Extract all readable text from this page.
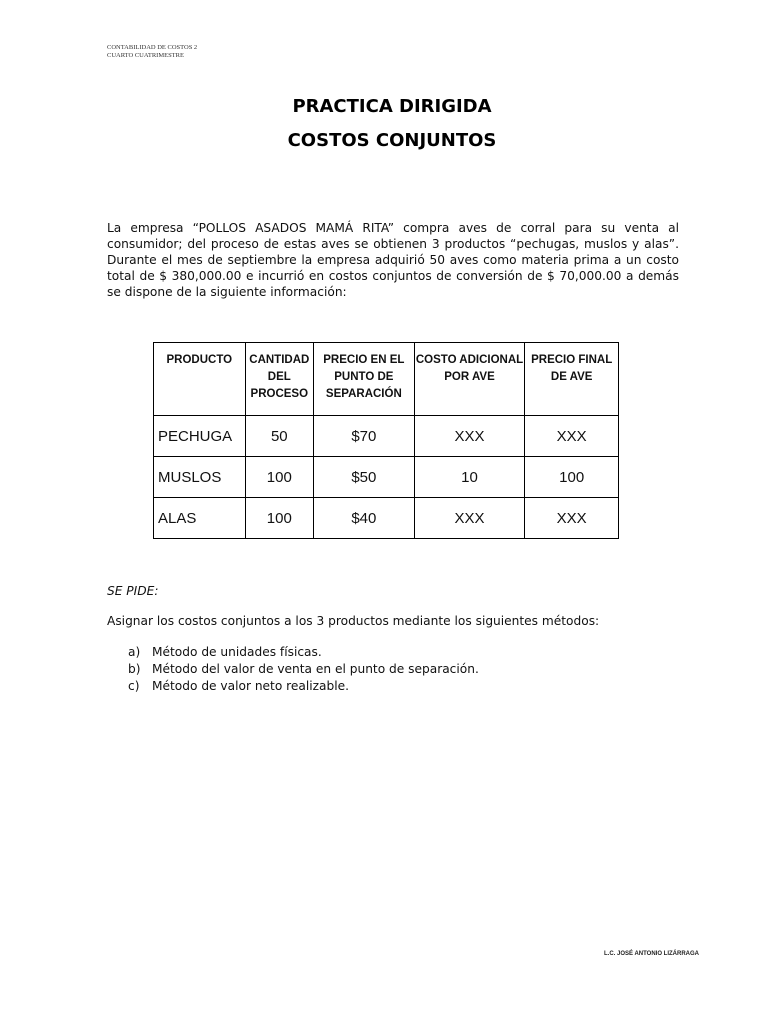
CONTABILIDAD DE COSTOS 2
CUARTO CUATRIMESTRE
PRACTICA DIRIGIDA
COSTOS CONJUNTOS
La empresa “POLLOS ASADOS MAMÁ RITA” compra aves de corral para su venta al consumidor; del proceso de estas aves se obtienen 3 productos “pechugas, muslos y alas”. Durante el mes de septiembre la empresa adquirió 50 aves como materia prima a un costo total de $ 380,000.00 e incurrió en costos conjuntos de conversión de $ 70,000.00 a demás se dispone de la siguiente información:
PRODUCTO	CANTIDAD DEL PROCESO	PRECIO EN EL PUNTO DE SEPARACIÓN	COSTO ADICIONAL POR AVE	PRECIO FINAL DE AVE
PECHUGA	50	$70	XXX	XXX
MUSLOS	100	$50	10	100
ALAS	100	$40	XXX	XXX
SE PIDE:
Asignar los costos conjuntos a los 3 productos mediante los siguientes métodos:
a) Método de unidades físicas.
b) Método del valor de venta en el punto de separación.
c)	Método de valor neto realizable.
L.C. JOSÉ ANTONIO LIZÁRRAGA
